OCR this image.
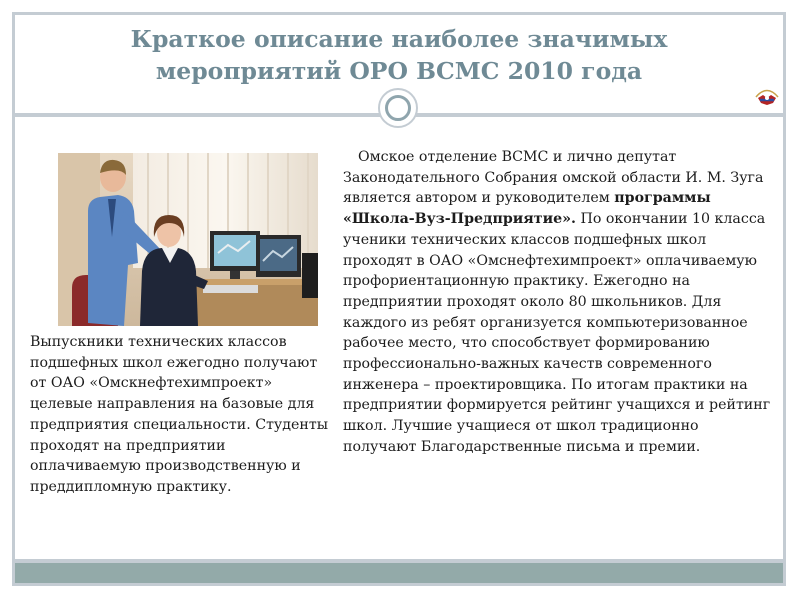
Краткое описание наиболее значимых
мероприятий ОРО ВСМС 2010 года
Выпускники технических классов подшефных школ ежегодно получают от ОАО «Омскнефтехимпроект» целевые направления на базовые для предприятия специальности. Студенты проходят на предприятии оплачиваемую производственную и преддипломную практику.
Омское отделение ВСМС и лично депутат Законодательного Собрания омской области И. М. Зуга является автором и руководителем программы «Школа-Вуз-Предприятие». По окончании 10 класса ученики технических классов подшефных школ проходят в ОАО «Омснефтехимпроект» оплачиваемую профориентационную практику. Ежегодно на предприятии проходят около 80 школьников. Для каждого из ребят организуется компьютеризованное рабочее место, что способствует формированию профессионально-важных качеств современного инженера – проектировщика. По итогам практики на предприятии формируется рейтинг учащихся и рейтинг школ. Лучшие учащиеся от школ традиционно получают Благодарственные письма и премии.
